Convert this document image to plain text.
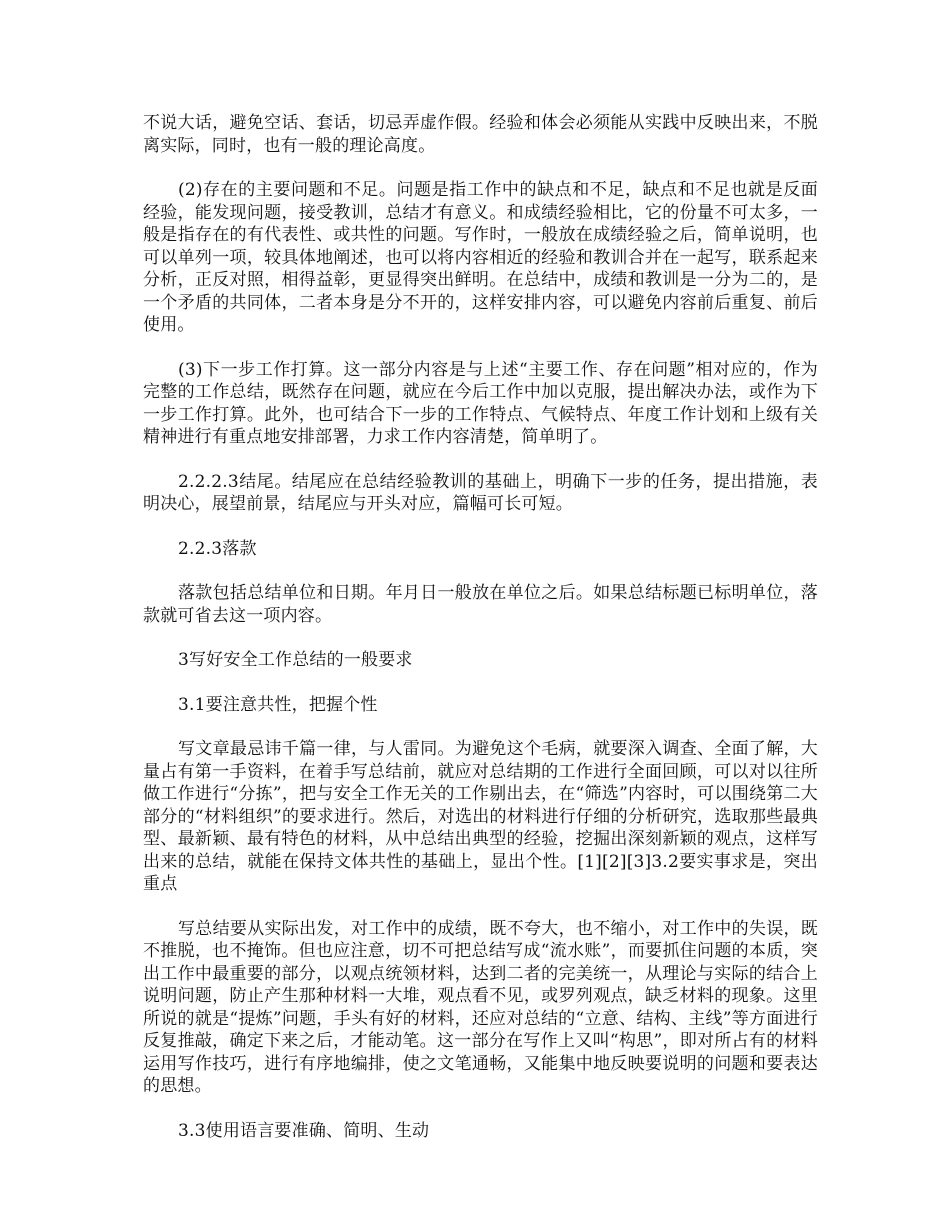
不说大话，避免空话、套话，切忌弄虚作假。经验和体会必须能从实践中反映出来，不脱离实际，同时，也有一般的理论高度。

(2)存在的主要问题和不足。问题是指工作中的缺点和不足，缺点和不足也就是反面经验，能发现问题，接受教训，总结才有意义。和成绩经验相比，它的份量不可太多，一般是指存在的有代表性、或共性的问题。写作时，一般放在成绩经验之后，简单说明，也可以单列一项，较具体地阐述，也可以将内容相近的经验和教训合并在一起写，联系起来分析，正反对照，相得益彰，更显得突出鲜明。在总结中，成绩和教训是一分为二的，是一个矛盾的共同体，二者本身是分不开的，这样安排内容，可以避免内容前后重复、前后使用。

(3)下一步工作打算。这一部分内容是与上述“主要工作、存在问题”相对应的，作为完整的工作总结，既然存在问题，就应在今后工作中加以克服，提出解决办法，或作为下一步工作打算。此外，也可结合下一步的工作特点、气候特点、年度工作计划和上级有关精神进行有重点地安排部署，力求工作内容清楚，简单明了。

2.2.2.3结尾。结尾应在总结经验教训的基础上，明确下一步的任务，提出措施，表明决心，展望前景，结尾应与开头对应，篇幅可长可短。

2.2.3落款

落款包括总结单位和日期。年月日一般放在单位之后。如果总结标题已标明单位，落款就可省去这一项内容。

3写好安全工作总结的一般要求

3.1要注意共性，把握个性

写文章最忌讳千篇一律，与人雷同。为避免这个毛病，就要深入调查、全面了解，大量占有第一手资料，在着手写总结前，就应对总结期的工作进行全面回顾，可以对以往所做工作进行“分拣”，把与安全工作无关的工作剔出去，在“筛选”内容时，可以围绕第二大部分的“材料组织”的要求进行。然后，对选出的材料进行仔细的分析研究，选取那些最典型、最新颖、最有特色的材料，从中总结出典型的经验，挖掘出深刻新颖的观点，这样写出来的总结，就能在保持文体共性的基础上，显出个性。[1][2][3]3.2要实事求是，突出重点

写总结要从实际出发，对工作中的成绩，既不夸大，也不缩小，对工作中的失误，既不推脱，也不掩饰。但也应注意，切不可把总结写成“流水账”，而要抓住问题的本质，突出工作中最重要的部分，以观点统领材料，达到二者的完美统一，从理论与实际的结合上说明问题，防止产生那种材料一大堆，观点看不见，或罗列观点，缺乏材料的现象。这里所说的就是“提炼”问题，手头有好的材料，还应对总结的“立意、结构、主线”等方面进行反复推敲，确定下来之后，才能动笔。这一部分在写作上又叫“构思”，即对所占有的材料运用写作技巧，进行有序地编排，使之文笔通畅，又能集中地反映要说明的问题和要表达的思想。

3.3使用语言要准确、简明、生动
